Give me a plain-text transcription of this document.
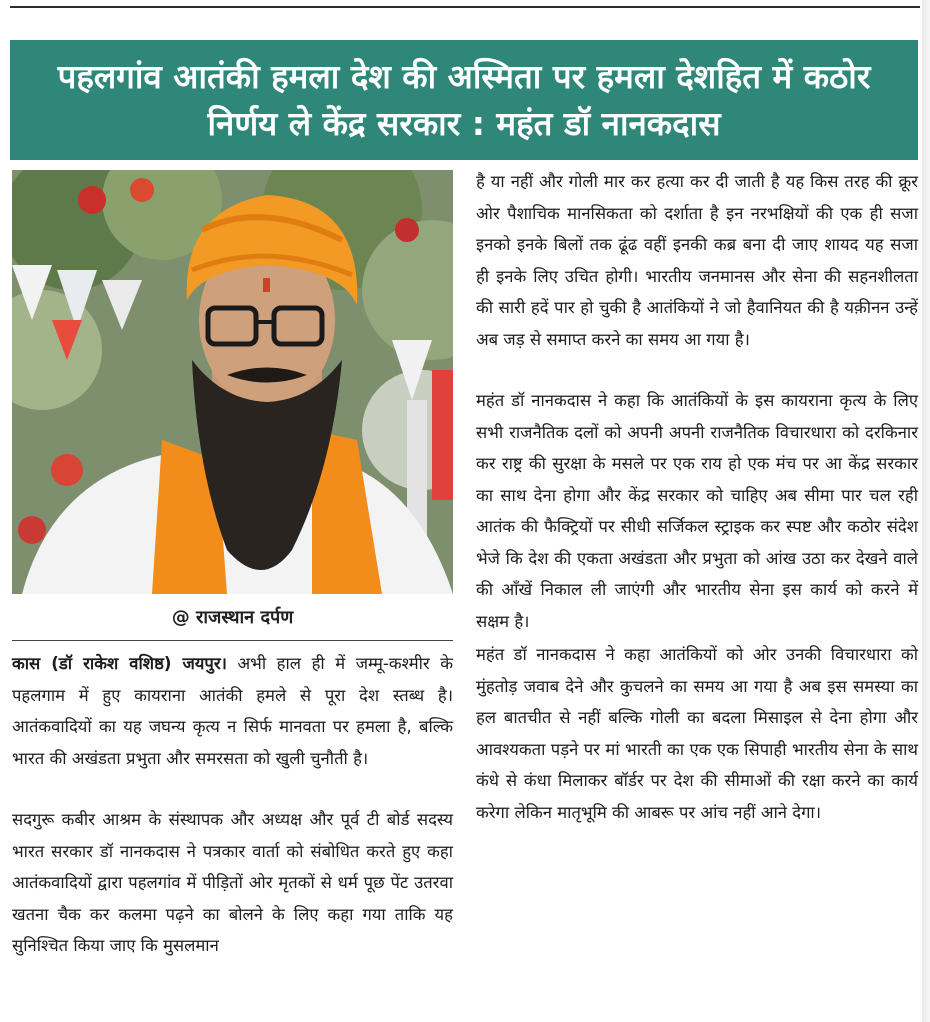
पहलगांव आतंकी हमला देश की अस्मिता पर हमला देशहित में कठोर निर्णय ले केंद्र सरकार : महंत डॉ नानकदास
@ राजस्थान दर्पण

कास (डॉ राकेश वशिष्ठ) जयपुर। अभी हाल ही में जम्मू-कश्मीर के पहलगाम में हुए कायराना आतंकी हमले से पूरा देश स्तब्ध है। आतंकवादियों का यह जघन्य कृत्य न सिर्फ मानवता पर हमला है, बल्कि भारत की अखंडता प्रभुता और समरसता को खुली चुनौती है।

सदगुरू कबीर आश्रम के संस्थापक और अध्यक्ष और पूर्व टी बोर्ड सदस्य भारत सरकार डॉ नानकदास ने पत्रकार वार्ता को संबोधित करते हुए कहा आतंकवादियों द्वारा पहलगांव में पीड़ितों ओर मृतकों से धर्म पूछ पेंट उतरवा खतना चैक कर कलमा पढ़ने का बोलने के लिए कहा गया ताकि यह सुनिश्चित किया जाए कि मुसलमान

है या नहीं और गोली मार कर हत्या कर दी जाती है यह किस तरह की क्रूर ओर पैशाचिक मानसिकता को दर्शाता है इन नरभक्षियों की एक ही सजा इनको इनके बिलों तक ढूंढ वहीं इनकी कब्र बना दी जाए शायद यह सजा ही इनके लिए उचित होगी। भारतीय जनमानस और सेना की सहनशीलता की सारी हदें पार हो चुकी है आतंकियों ने जो हैवानियत की है यक़ीनन उन्हें अब जड़ से समाप्त करने का समय आ गया है।

महंत डॉ नानकदास ने कहा कि आतंकियों के इस कायराना कृत्य के लिए सभी राजनैतिक दलों को अपनी अपनी राजनैतिक विचारधारा को दरकिनार कर राष्ट्र की सुरक्षा के मसले पर एक राय हो एक मंच पर आ केंद्र सरकार का साथ देना होगा और केंद्र सरकार को चाहिए अब सीमा पार चल रही आतंक की फैक्ट्रियों पर सीधी सर्जिकल स्ट्राइक कर स्पष्ट और कठोर संदेश भेजे कि देश की एकता अखंडता और प्रभुता को आंख उठा कर देखने वाले की आँखें निकाल ली जाएंगी और भारतीय सेना इस कार्य को करने में सक्षम है।

महंत डॉ नानकदास ने कहा आतंकियों को ओर उनकी विचारधारा को मुंहतोड़ जवाब देने और कुचलने का समय आ गया है अब इस समस्या का हल बातचीत से नहीं बल्कि गोली का बदला मिसाइल से देना होगा और आवश्यकता पड़ने पर मां भारती का एक एक सिपाही भारतीय सेना के साथ कंधे से कंधा मिलाकर बॉर्डर पर देश की सीमाओं की रक्षा करने का कार्य करेगा लेकिन मातृभूमि की आबरू पर आंच नहीं आने देगा।
